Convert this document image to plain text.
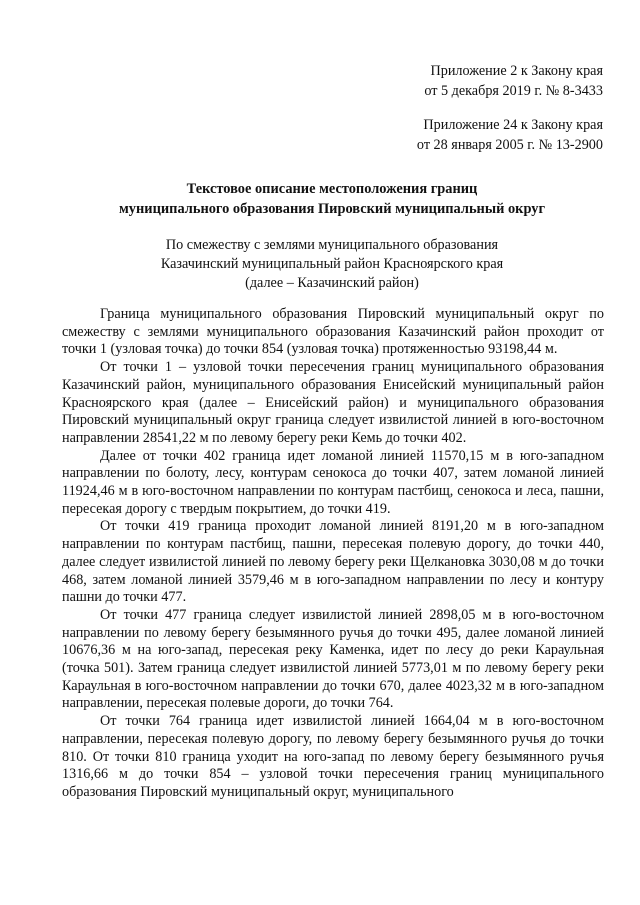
Приложение 2 к Закону края
от 5 декабря 2019 г. № 8-3433
Приложение 24 к Закону края
от 28 января 2005 г. № 13-2900
Текстовое описание местоположения границ
муниципального образования Пировский муниципальный округ
По смежеству с землями муниципального образования
Казачинский муниципальный район Красноярского края
(далее – Казачинский район)

Граница муниципального образования Пировский муниципальный округ по смежеству с землями муниципального образования Казачинский район проходит от точки 1 (узловая точка) до точки 854 (узловая точка) протяженностью 93198,44 м.

От точки 1 – узловой точки пересечения границ муниципального образования Казачинский район, муниципального образования Енисейский муниципальный район Красноярского края (далее – Енисейский район) и муниципального образования Пировский муниципальный округ граница следует извилистой линией в юго-восточном направлении 28541,22 м по левому берегу реки Кемь до точки 402.

Далее от точки 402 граница идет ломаной линией 11570,15 м в юго-западном направлении по болоту, лесу, контурам сенокоса до точки 407, затем ломаной линией 11924,46 м в юго-восточном направлении по контурам пастбищ, сенокоса и леса, пашни, пересекая дорогу с твердым покрытием, до точки 419.

От точки 419 граница проходит ломаной линией 8191,20 м в юго-западном направлении по контурам пастбищ, пашни, пересекая полевую дорогу, до точки 440, далее следует извилистой линией по левому берегу реки Щелкановка 3030,08 м до точки 468, затем ломаной линией 3579,46 м в юго-западном направлении по лесу и контуру пашни до точки 477.

От точки 477 граница следует извилистой линией 2898,05 м в юго-восточном направлении по левому берегу безымянного ручья до точки 495, далее ломаной линией 10676,36 м на юго-запад, пересекая реку Каменка, идет по лесу до реки Караульная (точка 501). Затем граница следует извилистой линией 5773,01 м по левому берегу реки Караульная в юго-восточном направлении до точки 670, далее 4023,32 м в юго-западном направлении, пересекая полевые дороги, до точки 764.

От точки 764 граница идет извилистой линией 1664,04 м в юго-восточном направлении, пересекая полевую дорогу, по левому берегу безымянного ручья до точки 810. От точки 810 граница уходит на юго-запад по левому берегу безымянного ручья 1316,66 м до точки 854 – узловой точки пересечения границ муниципального образования Пировский муниципальный округ, муниципального
